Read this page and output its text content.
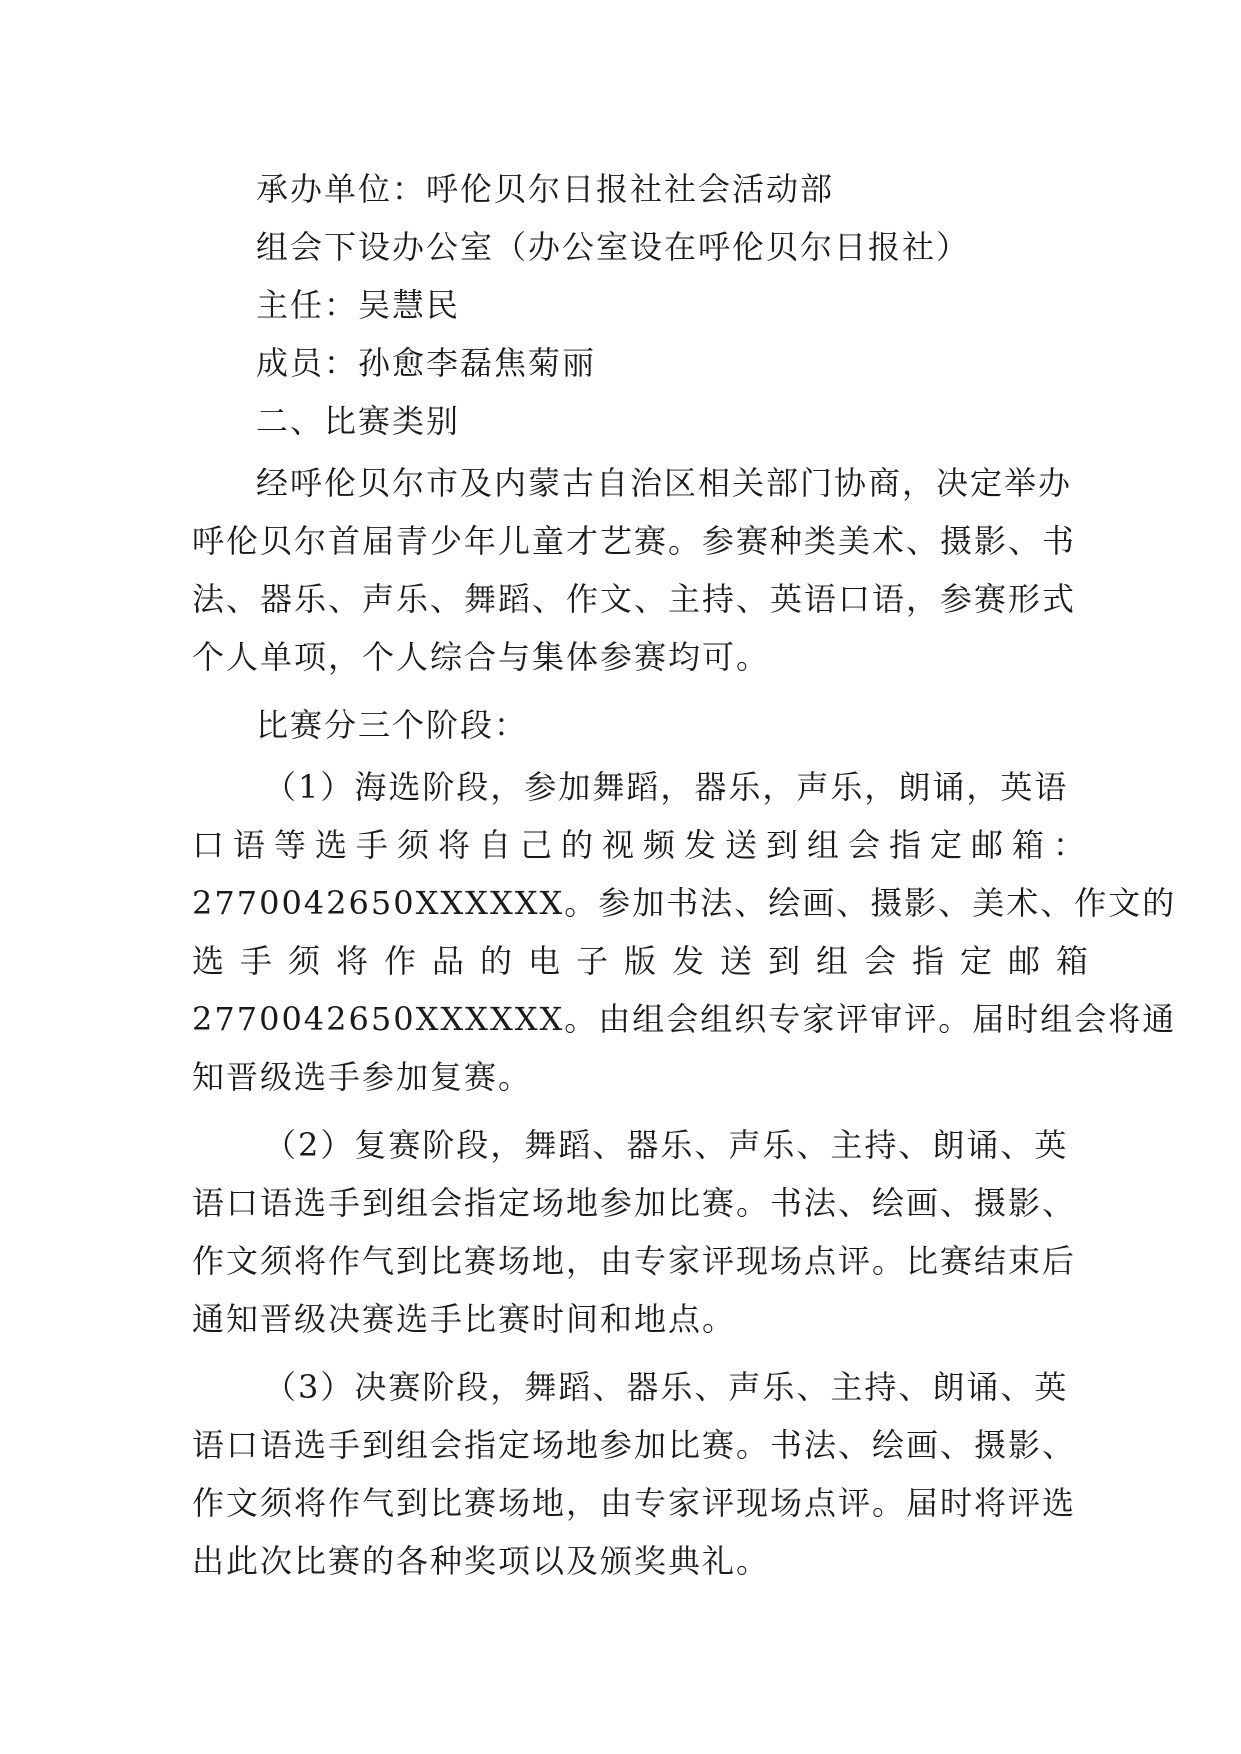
承办单位：呼伦贝尔日报社社会活动部
组会下设办公室（办公室设在呼伦贝尔日报社）
主任：吴慧民
成员：孙愈李磊焦菊丽
二、比赛类别
经呼伦贝尔市及内蒙古自治区相关部门协商，决定举办
呼伦贝尔首届青少年儿童才艺赛。参赛种类美术、摄影、书
法、器乐、声乐、舞蹈、作文、主持、英语口语，参赛形式
个人单项，个人综合与集体参赛均可。
比赛分三个阶段：
（1）海选阶段，参加舞蹈，器乐，声乐，朗诵，英语
口语等选手须将自己的视频发送到组会指定邮箱：
2770042650XXXXXX。参加书法、绘画、摄影、美术、作文的
选手须将作品的电子版发送到组会指定邮箱
2770042650XXXXXX。由组会组织专家评审评。届时组会将通
知晋级选手参加复赛。
（2）复赛阶段，舞蹈、器乐、声乐、主持、朗诵、英
语口语选手到组会指定场地参加比赛。书法、绘画、摄影、
作文须将作气到比赛场地，由专家评现场点评。比赛结束后
通知晋级决赛选手比赛时间和地点。
（3）决赛阶段，舞蹈、器乐、声乐、主持、朗诵、英
语口语选手到组会指定场地参加比赛。书法、绘画、摄影、
作文须将作气到比赛场地，由专家评现场点评。届时将评选
出此次比赛的各种奖项以及颁奖典礼。
